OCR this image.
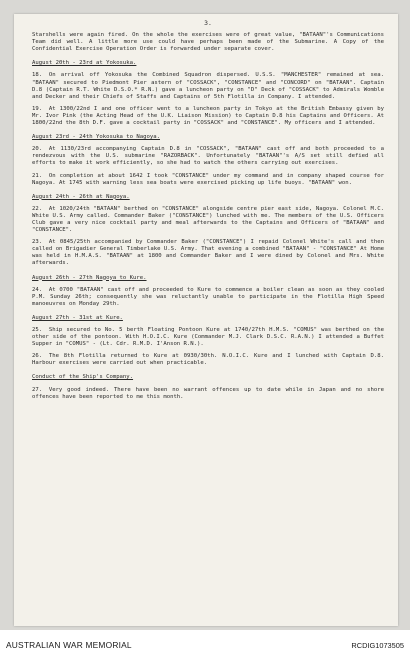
3.
Starshells were again fired. On the whole the exercises were of great value, "BATAAN"'s Communications Team did well. A little more use could have perhaps been made of the Submarine. A Copy of the Confidential Exercise Operation Order is forwarded under separate cover.
August 20th - 23rd at Yokosuka.
18. On arrival off Yokosuka the Combined Squadron dispersed. U.S.S. "MANCHESTER" remained at sea. "BATAAN" secured to Piedmont Pier astern of "COSSACK", "CONSTANCE" and "CONCORD" on "BATAAN". Captain D.8 (Captain R.T. White D.S.O.* R.N.) gave a luncheon party on "D" Deck of "COSSACK" to Admirals Womble and Decker and their Chiefs of Staffs and Captains of 5th Flotilla in Company. I attended.
19. At 1300/22nd I and one officer went to a luncheon party in Tokyo at the British Embassy given by Mr. Ivor Pink (the Acting Head of the U.K. Liaison Mission) to Captain D.8 his Captains and Officers. At 1800/22nd the 8th D.F. gave a cocktail party in "COSSACK" and "CONSTANCE". My officers and I attended.
August 23rd - 24th Yokosuka to Nagoya.
20. At 1130/23rd accompanying Captain D.8 in "COSSACK", "BATAAN" cast off and both proceeded to a rendezvous with the U.S. submarine "RAZORBACK". Unfortunately "BATAAN"'s A/S set still defied all efforts to make it work efficiently, so she had to watch the others carrying out exercises.
21. On completion at about 1642 I took "CONSTANCE" under my command and in company shaped course for Nagoya. At 1745 with warning less sea boats were exercised picking up life buoys. "BATAAN" won.
August 24th - 26th at Nagoya.
22. At 1020/24th "BATAAN" berthed on "CONSTANCE" alongside centre pier east side, Nagoya. Colonel M.C. White U.S. Army called. Commander Baker ("CONSTANCE") lunched with me. The members of the U.S. Officers Club gave a very nice cocktail party and meal afterwards to the Captains and Officers of "BATAAN" and "CONSTANCE".
23. At 0845/25th accompanied by Commander Baker ("CONSTANCE") I repaid Colonel White's call and then called on Brigadier General Timberlake U.S. Army. That evening a combined "BATAAN" - "CONSTANCE" At Home was held in H.M.A.S. "BATAAN" at 1800 and Commander Baker and I were dined by Colonel and Mrs. White afterwards.
August 26th - 27th Nagoya to Kure.
24. At 0700 "BATAAN" cast off and proceeded to Kure to commence a boiler clean as soon as they cooled P.M. Sunday 26th; consequently she was reluctantly unable to participate in the Flotilla High Speed manoeuvres on Monday 29th.
August 27th - 31st at Kure.
25. Ship secured to No. 5 berth Floating Pontoon Kure at 1740/27th H.M.S. "COMUS" was berthed on the other side of the pontoon. With H.O.I.C. Kure (Commander M.J. Clark D.S.C. R.A.N.) I attended a Buffet Supper in "COMUS" - (Lt. Cdr. R.M.D. I'Anson R.N.).
26. The 8th Flotilla returned to Kure at 0930/30th. N.O.I.C. Kure and I lunched with Captain D.8. Harbour exercises were carried out when practicable.
Conduct of the Ship's Company.
27. Very good indeed. There have been no warrant offences up to date while in Japan and no shore offences have been reported to me this month.
AUSTRALIAN WAR MEMORIAL	RCDIG1073505
